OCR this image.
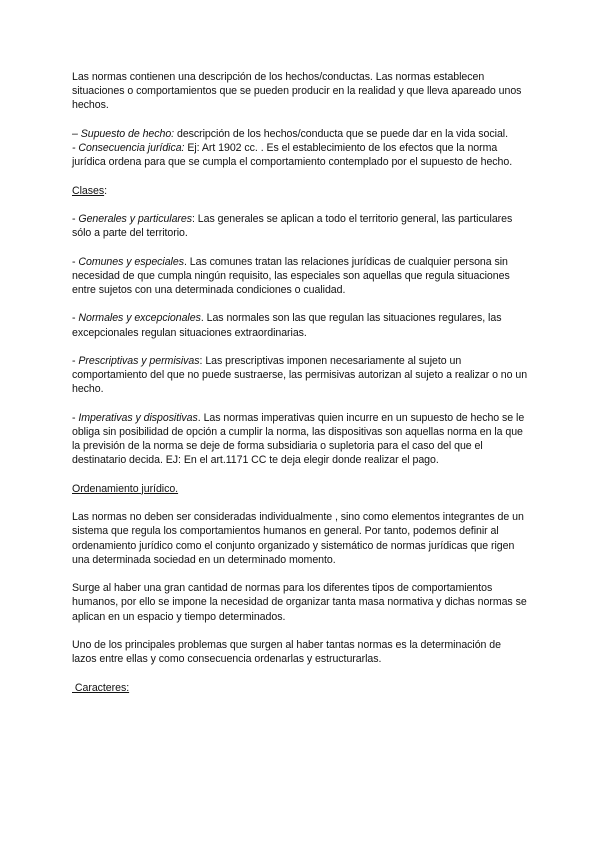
Las normas contienen una descripción de los hechos/conductas. Las normas establecen situaciones o comportamientos que se pueden producir en la realidad y que lleva apareado unos hechos.

– Supuesto de hecho: descripción de los hechos/conducta que se puede dar en la vida social.

- Consecuencia jurídica: Ej: Art 1902 cc. . Es el establecimiento de los efectos que la norma jurídica ordena para que se cumpla el comportamiento contemplado por el supuesto de hecho.

Clases:

- Generales y particulares: Las generales se aplican a todo el territorio general, las particulares sólo a parte del territorio.

- Comunes y especiales. Las comunes tratan las relaciones jurídicas de cualquier persona sin necesidad de que cumpla ningún requisito, las especiales son aquellas que regula situaciones entre sujetos con una determinada condiciones o cualidad.

- Normales y excepcionales. Las normales son las que regulan las situaciones regulares, las excepcionales regulan situaciones extraordinarias.

- Prescriptivas y permisivas: Las prescriptivas imponen necesariamente al sujeto un comportamiento del que no puede sustraerse, las permisivas autorizan al sujeto a realizar o no un hecho.

- Imperativas y dispositivas. Las normas imperativas quien incurre en un supuesto de hecho se le obliga sin posibilidad de opción a cumplir la norma, las dispositivas son aquellas norma en la que la previsión de la norma se deje de forma subsidiaria o supletoria para el caso del que el destinatario decida. EJ: En el art.1171 CC te deja elegir donde realizar el pago.

Ordenamiento jurídico.

Las normas no deben ser consideradas individualmente , sino como elementos integrantes de un sistema que regula los comportamientos humanos en general. Por tanto, podemos definir al ordenamiento jurídico como el conjunto organizado y sistemático de normas jurídicas que rigen una determinada sociedad en un determinado momento.

Surge al haber una gran cantidad de normas para los diferentes tipos de comportamientos humanos, por ello se impone la necesidad de organizar tanta masa normativa y dichas normas se aplican en un espacio y tiempo determinados.

Uno de los principales problemas que surgen al haber tantas normas es la determinación de lazos entre ellas y como consecuencia ordenarlas y estructurarlas.

Caracteres:
